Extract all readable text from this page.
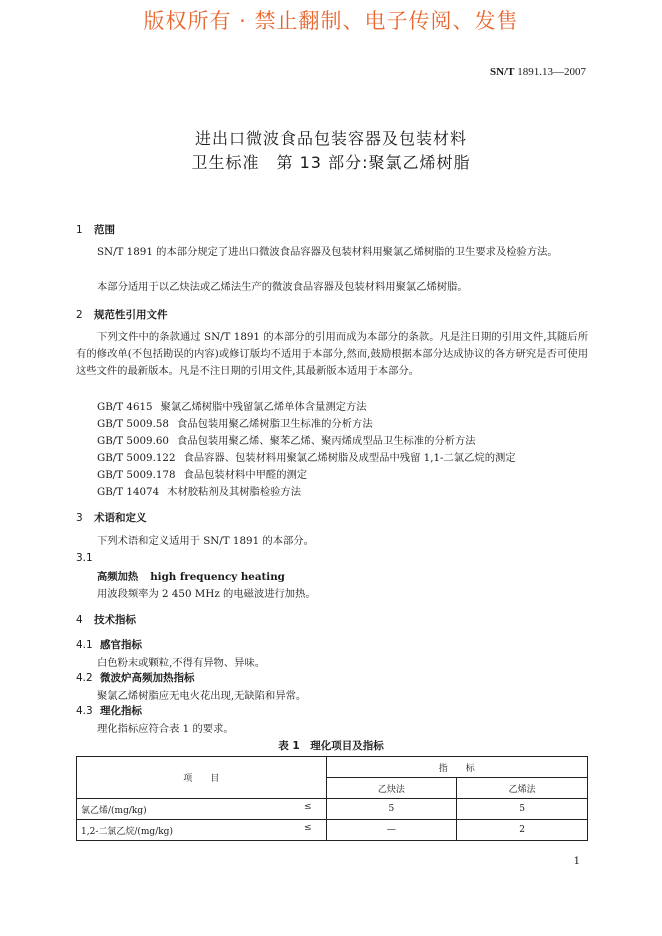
版权所有 · 禁止翻制、电子传阅、发售
SN/T 1891.13—2007
进出口微波食品包装容器及包装材料
卫生标准　第 13 部分:聚氯乙烯树脂
1 范围
SN/T 1891 的本部分规定了进出口微波食品容器及包装材料用聚氯乙烯树脂的卫生要求及检验方法。
本部分适用于以乙炔法或乙烯法生产的微波食品容器及包装材料用聚氯乙烯树脂。
2 规范性引用文件
下列文件中的条款通过 SN/T 1891 的本部分的引用而成为本部分的条款。凡是注日期的引用文件,其随后所有的修改单(不包括勘误的内容)或修订版均不适用于本部分,然而,鼓励根据本部分达成协议的各方研究是否可使用这些文件的最新版本。凡是不注日期的引用文件,其最新版本适用于本部分。
GB/T 4615 聚氯乙烯树脂中残留氯乙烯单体含量测定方法
GB/T 5009.58 食品包装用聚乙烯树脂卫生标准的分析方法
GB/T 5009.60 食品包装用聚乙烯、聚苯乙烯、聚丙烯成型品卫生标准的分析方法
GB/T 5009.122 食品容器、包装材料用聚氯乙烯树脂及成型品中残留 1,1-二氯乙烷的测定
GB/T 5009.178 食品包装材料中甲醛的测定
GB/T 14074 木材胶粘剂及其树脂检验方法
3 术语和定义
下列术语和定义适用于 SN/T 1891 的本部分。
3.1
高频加热 high frequency heating
用波段频率为 2 450 MHz 的电磁波进行加热。
4 技术指标
4.1 感官指标
白色粉末或颗粒,不得有异物、异味。
4.2 微波炉高频加热指标
聚氯乙烯树脂应无电火花出现,无缺陷和异常。
4.3 理化指标
理化指标应符合表 1 的要求。
表 1　理化项目及指标
项　　目	指　　标	
	乙炔法	乙烯法
氯乙烯/(mg/kg) ≤	5	5
1,2-二氯乙烷/(mg/kg) ≤	—	2
1
